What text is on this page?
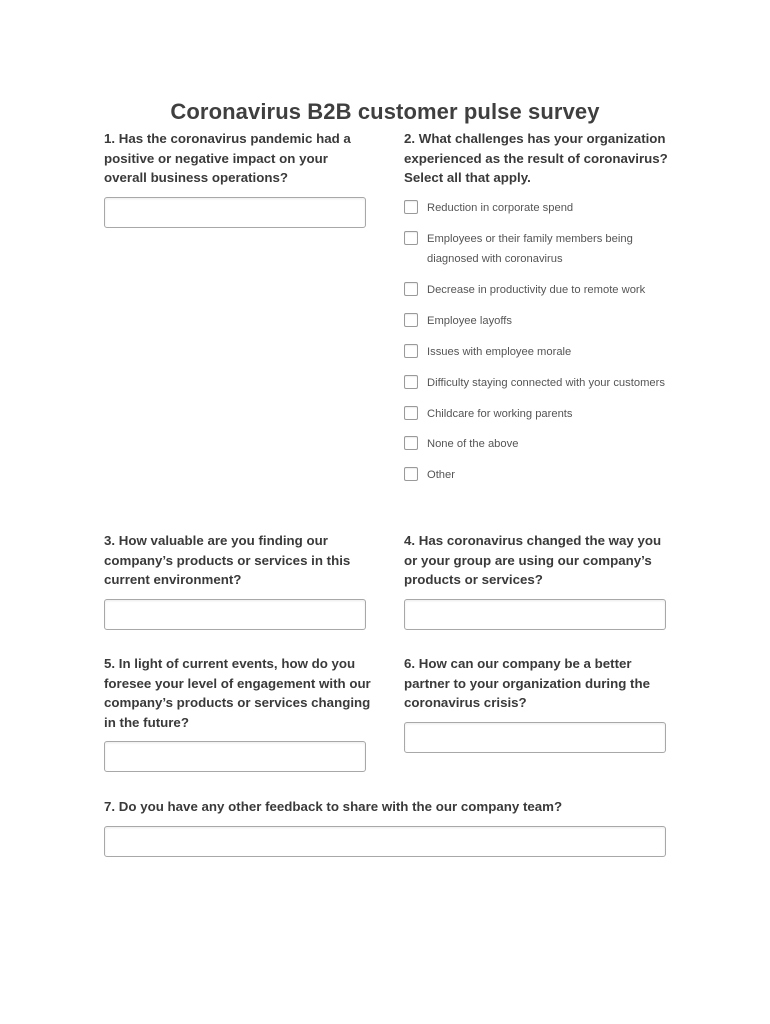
Coronavirus B2B customer pulse survey
1. Has the coronavirus pandemic had a positive or negative impact on your overall business operations?
2. What challenges has your organization experienced as the result of coronavirus? Select all that apply.
Reduction in corporate spend
Employees or their family members being diagnosed with coronavirus
Decrease in productivity due to remote work
Employee layoffs
Issues with employee morale
Difficulty staying connected with your customers
Childcare for working parents
None of the above
Other
3. How valuable are you finding our company’s products or services in this current environment?
4. Has coronavirus changed the way you or your group are using our company’s products or services?
5. In light of current events, how do you foresee your level of engagement with our company’s products or services changing in the future?
6. How can our company be a better partner to your organization during the coronavirus crisis?
7. Do you have any other feedback to share with the our company team?
